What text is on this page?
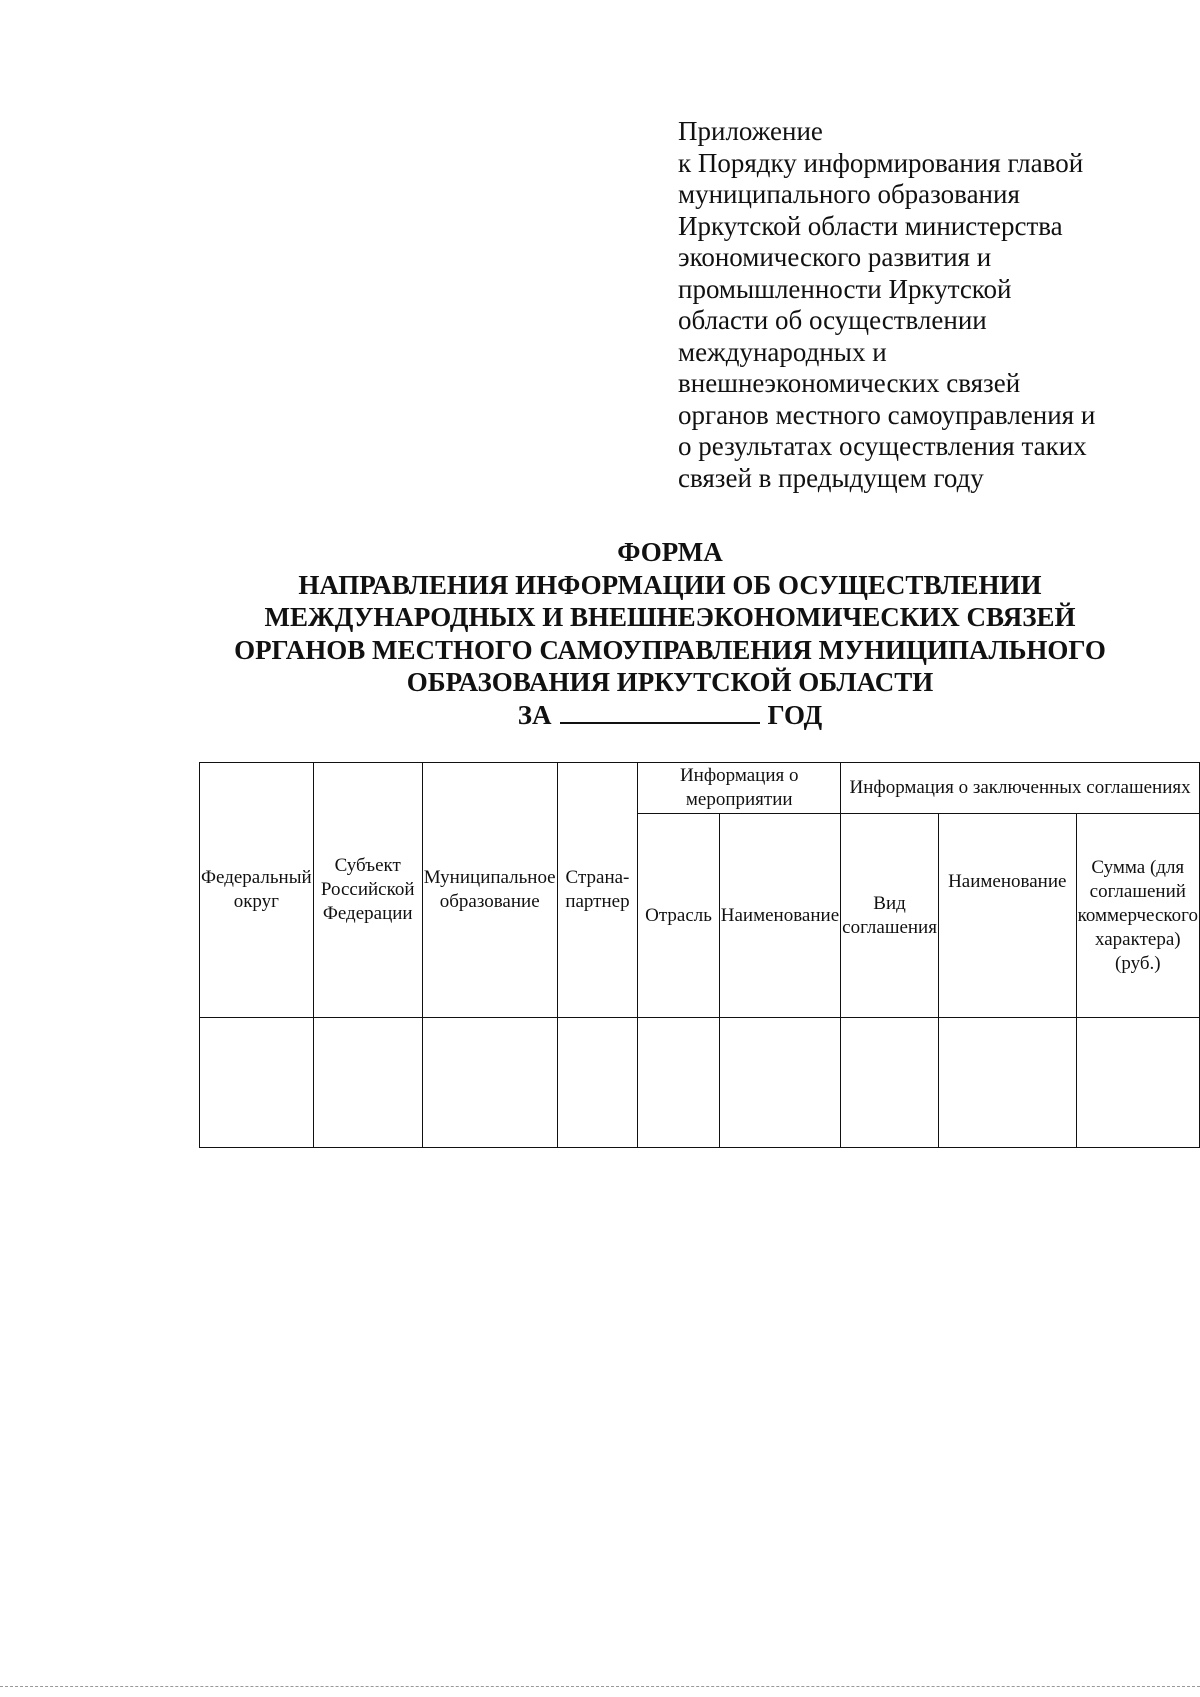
Приложение
к Порядку информирования главой
муниципального образования
Иркутской области министерства
экономического развития и
промышленности Иркутской
области об осуществлении
международных и
внешнеэкономических связей
органов местного самоуправления и
о результатах осуществления таких
связей в предыдущем году
ФОРМА
НАПРАВЛЕНИЯ ИНФОРМАЦИИ ОБ ОСУЩЕСТВЛЕНИИ
МЕЖДУНАРОДНЫХ И ВНЕШНЕЭКОНОМИЧЕСКИХ СВЯЗЕЙ
ОРГАНОВ МЕСТНОГО САМОУПРАВЛЕНИЯ МУНИЦИПАЛЬНОГО
ОБРАЗОВАНИЯ ИРКУТСКОЙ ОБЛАСТИ
ЗА	ГОД
Федеральный округ	Субъект Российской Федерации	Муниципальное образование	Страна-партнер	Информация о мероприятии		Информация о заключенных соглашениях		
				Отрасль	Наименование	Вид соглашения	Наименование	Сумма (для соглашений коммерческого характера) (руб.)
